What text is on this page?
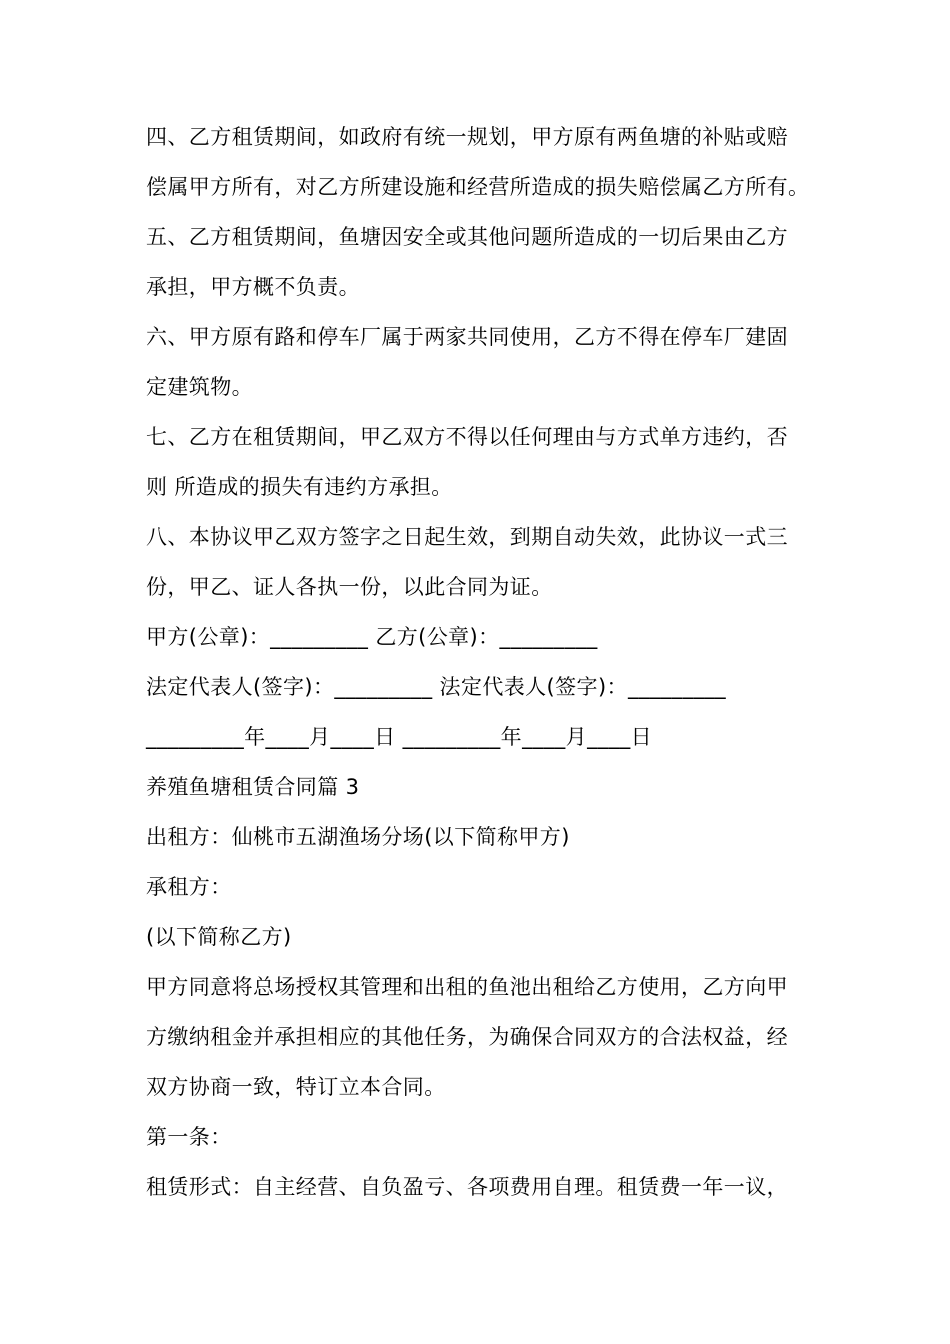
四、乙方租赁期间，如政府有统一规划，甲方原有两鱼塘的补贴或赔
偿属甲方所有，对乙方所建设施和经营所造成的损失赔偿属乙方所有。
五、乙方租赁期间，鱼塘因安全或其他问题所造成的一切后果由乙方
承担，甲方概不负责。
六、甲方原有路和停车厂属于两家共同使用，乙方不得在停车厂建固
定建筑物。
七、乙方在租赁期间，甲乙双方不得以任何理由与方式单方违约，否
则 所造成的损失有违约方承担。
八、本协议甲乙双方签字之日起生效，到期自动失效，此协议一式三
份，甲乙、证人各执一份，以此合同为证。
甲方(公章)：_________ 乙方(公章)：_________
法定代表人(签字)：_________ 法定代表人(签字)：_________
_________年____月____日 _________年____月____日
养殖鱼塘租赁合同篇 3
出租方：仙桃市五湖渔场分场(以下简称甲方)
承租方：
(以下简称乙方)
甲方同意将总场授权其管理和出租的鱼池出租给乙方使用，乙方向甲
方缴纳租金并承担相应的其他任务，为确保合同双方的合法权益，经
双方协商一致，特订立本合同。
第一条：
租赁形式：自主经营、自负盈亏、各项费用自理。租赁费一年一议，
